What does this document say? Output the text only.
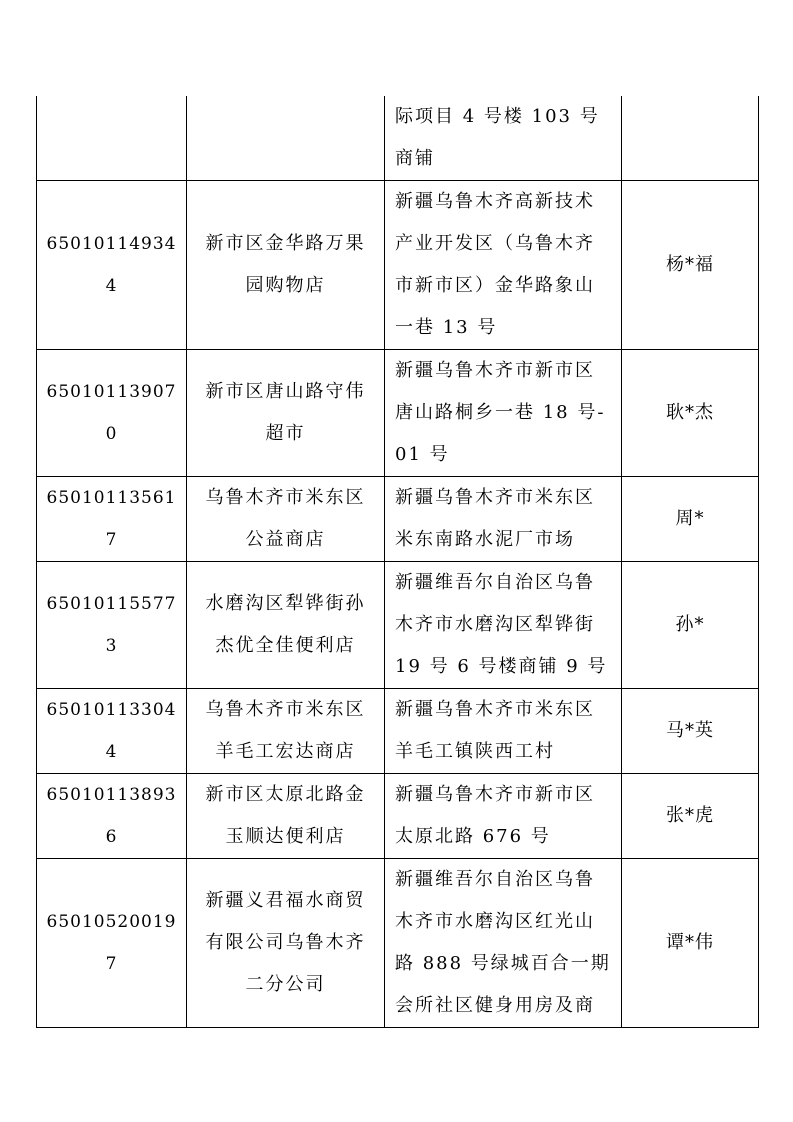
		际项目 4 号楼 103 号商铺	
650101149344	新市区金华路万果园购物店	新疆乌鲁木齐高新技术产业开发区（乌鲁木齐市新市区）金华路象山一巷 13 号	杨*福
650101139070	新市区唐山路守伟超市	新疆乌鲁木齐市新市区唐山路桐乡一巷 18 号-01 号	耿*杰
650101135617	乌鲁木齐市米东区公益商店	新疆乌鲁木齐市米东区米东南路水泥厂市场	周*
650101155773	水磨沟区犁铧街孙杰优全佳便利店	新疆维吾尔自治区乌鲁木齐市水磨沟区犁铧街 19 号 6 号楼商铺 9 号	孙*
650101133044	乌鲁木齐市米东区羊毛工宏达商店	新疆乌鲁木齐市米东区羊毛工镇陕西工村	马*英
650101138936	新市区太原北路金玉顺达便利店	新疆乌鲁木齐市新市区太原北路 676 号	张*虎
650105200197	新疆义君福水商贸有限公司乌鲁木齐二分公司	新疆维吾尔自治区乌鲁木齐市水磨沟区红光山路 888 号绿城百合一期会所社区健身用房及商	谭*伟
